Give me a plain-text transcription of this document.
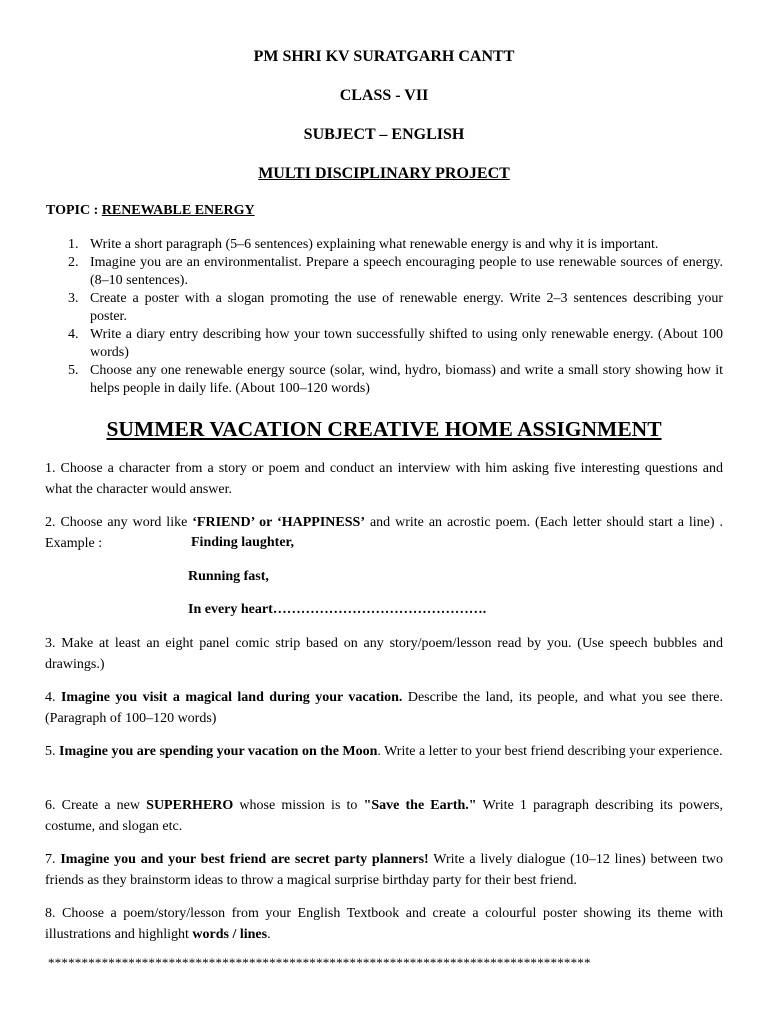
PM SHRI KV SURATGARH CANTT
CLASS - VII
SUBJECT – ENGLISH
MULTI DISCIPLINARY PROJECT
TOPIC : RENEWABLE ENERGY
1. Write a short paragraph (5–6 sentences) explaining what renewable energy is and why it is important.
2. Imagine you are an environmentalist. Prepare a speech encouraging people to use renewable sources of energy. (8–10 sentences).
3. Create a poster with a slogan promoting the use of renewable energy. Write 2–3 sentences describing your poster.
4. Write a diary entry describing how your town successfully shifted to using only renewable energy. (About 100 words)
5. Choose any one renewable energy source (solar, wind, hydro, biomass) and write a small story showing how it helps people in daily life. (About 100–120 words)
SUMMER VACATION CREATIVE HOME ASSIGNMENT

1. Choose a character from a story or poem and conduct an interview with him asking five interesting questions and what the character would answer.

2. Choose any word like ‘FRIEND’ or ‘HAPPINESS’ and write an acrostic poem. (Each letter should start a line) . Example :	Finding laughter,
Running fast,
In every heart……………………………………….

3. Make at least an eight panel comic strip based on any story/poem/lesson read by you. (Use speech bubbles and drawings.)

4. Imagine you visit a magical land during your vacation. Describe the land, its people, and what you see there. (Paragraph of 100–120 words)

5. Imagine you are spending your vacation on the Moon. Write a letter to your best friend describing your experience.

6. Create a new SUPERHERO whose mission is to "Save the Earth." Write 1 paragraph describing its powers, costume, and slogan etc.

7. Imagine you and your best friend are secret party planners! Write a lively dialogue (10–12 lines) between two friends as they brainstorm ideas to throw a magical surprise birthday party for their best friend.

8. Choose a poem/story/lesson from your English Textbook and create a colourful poster showing its theme with illustrations and highlight words / lines.

*********************************************************************************
